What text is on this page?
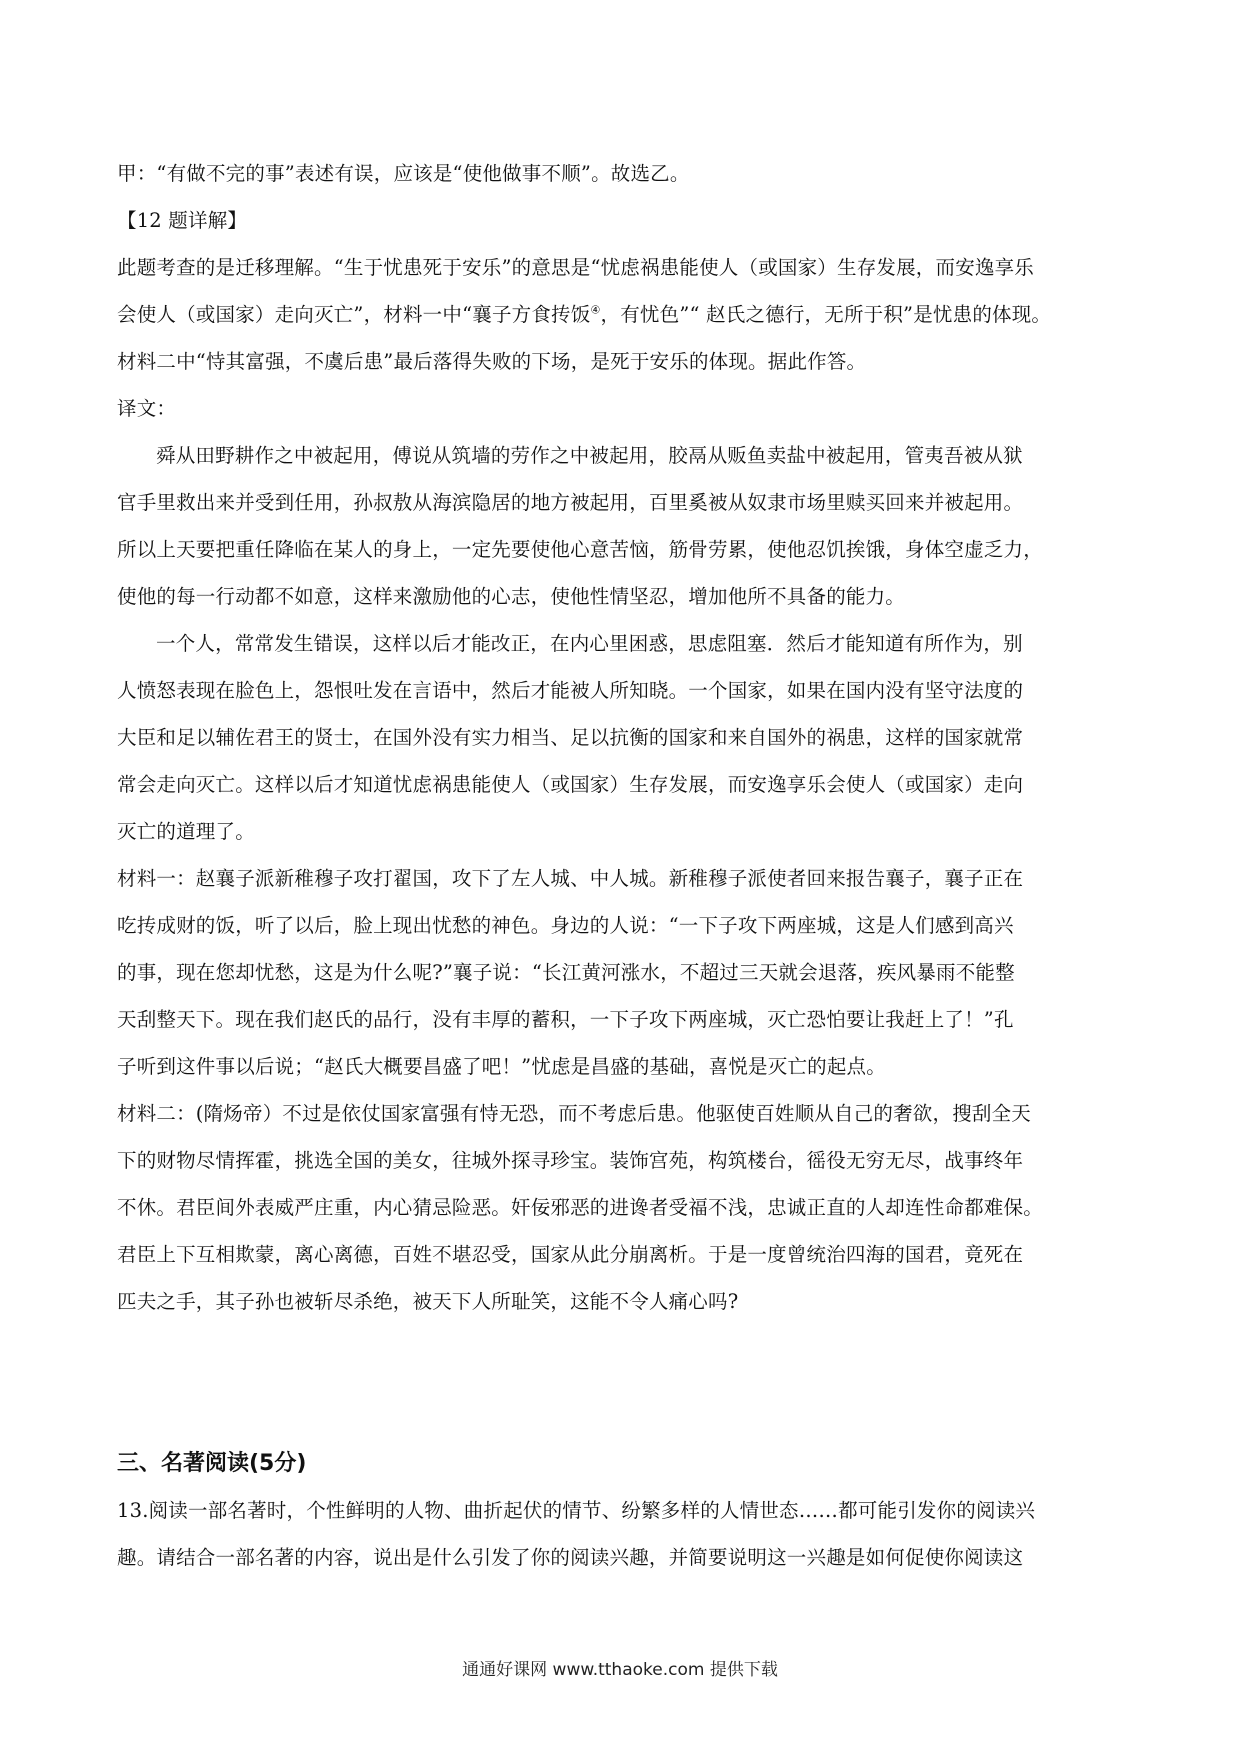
甲：“有做不完的事”表述有误，应该是“使他做事不顺”。故选乙。
【12 题详解】
此题考查的是迁移理解。“生于忧患死于安乐”的意思是“忧虑祸患能使人（或国家）生存发展，而安逸享乐
会使人（或国家）走向灭亡”，材料一中“襄子方食抟饭④，有忧色”“ 赵氏之德行，无所于积”是忧患的体现。
材料二中“恃其富强，不虞后患”最后落得失败的下场，是死于安乐的体现。据此作答。
译文：
舜从田野耕作之中被起用，傅说从筑墙的劳作之中被起用，胶鬲从贩鱼卖盐中被起用，管夷吾被从狱
官手里救出来并受到任用，孙叔敖从海滨隐居的地方被起用，百里奚被从奴隶市场里赎买回来并被起用。
所以上天要把重任降临在某人的身上，一定先要使他心意苦恼，筋骨劳累，使他忍饥挨饿，身体空虚乏力，
使他的每一行动都不如意，这样来激励他的心志，使他性情坚忍，增加他所不具备的能力。
一个人，常常发生错误，这样以后才能改正，在内心里困惑，思虑阻塞．然后才能知道有所作为，别
人愤怒表现在脸色上，怨恨吐发在言语中，然后才能被人所知晓。一个国家，如果在国内没有坚守法度的
大臣和足以辅佐君王的贤士，在国外没有实力相当、足以抗衡的国家和来自国外的祸患，这样的国家就常
常会走向灭亡。这样以后才知道忧虑祸患能使人（或国家）生存发展，而安逸享乐会使人（或国家）走向
灭亡的道理了。
材料一：赵襄子派新稚穆子攻打翟国，攻下了左人城、中人城。新稚穆子派使者回来报告襄子，襄子正在
吃抟成财的饭，听了以后，脸上现出忧愁的神色。身边的人说：“一下子攻下两座城，这是人们感到高兴
的事，现在您却忧愁，这是为什么呢?”襄子说：“长江黄河涨水，不超过三天就会退落，疾风暴雨不能整
天刮整天下。现在我们赵氏的品行，没有丰厚的蓄积，一下子攻下两座城，灭亡恐怕要让我赶上了！”孔
子听到这件事以后说；“赵氏大概要昌盛了吧！”忧虑是昌盛的基础，喜悦是灭亡的起点。
材料二：(隋炀帝）不过是依仗国家富强有恃无恐，而不考虑后患。他驱使百姓顺从自己的奢欲，搜刮全天
下的财物尽情挥霍，挑选全国的美女，往城外探寻珍宝。装饰宫苑，构筑楼台，徭役无穷无尽，战事终年
不休。君臣间外表威严庄重，内心猜忌险恶。奸佞邪恶的进谗者受福不浅，忠诚正直的人却连性命都难保。
君臣上下互相欺蒙，离心离德，百姓不堪忍受，国家从此分崩离析。于是一度曾统治四海的国君，竟死在
匹夫之手，其子孙也被斩尽杀绝，被天下人所耻笑，这能不令人痛心吗?
三、名著阅读(5分)
13.阅读一部名著时，个性鲜明的人物、曲折起伏的情节、纷繁多样的人情世态……都可能引发你的阅读兴
趣。请结合一部名著的内容，说出是什么引发了你的阅读兴趣，并简要说明这一兴趣是如何促使你阅读这
通通好课网 www.tthaoke.com 提供下载
